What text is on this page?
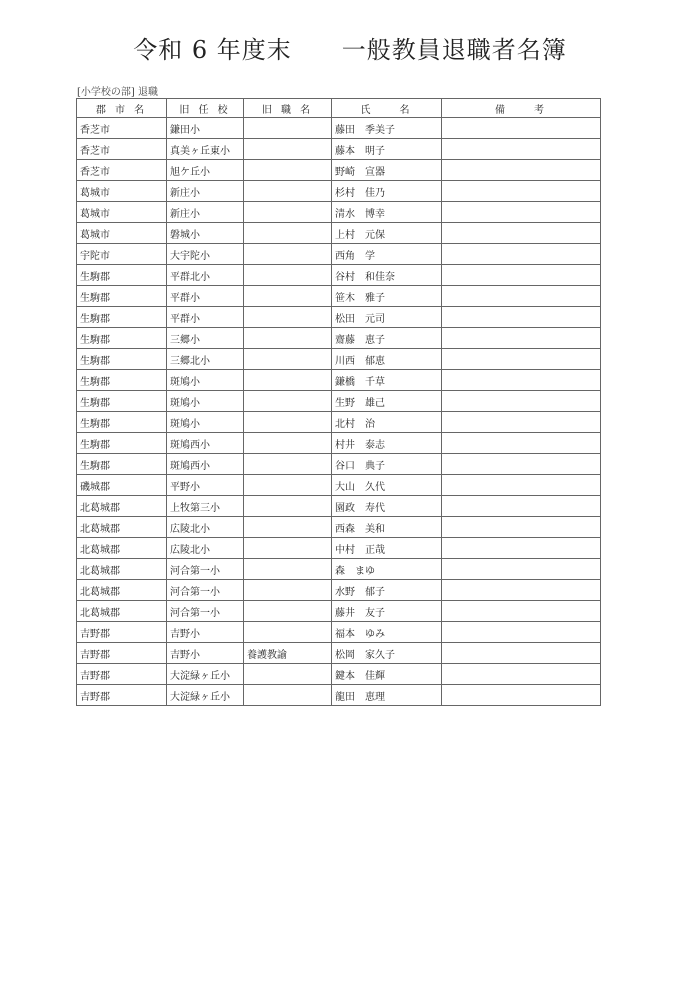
令和 6 年度末　　一般教員退職者名簿
[小学校の部] 退職
郡 市 名	旧 任 校	旧 職 名	氏　　名	備　　考
香芝市	鎌田小		藤田　季美子	
香芝市	真美ヶ丘東小		藤本　明子	
香芝市	旭ケ丘小		野崎　宣器	
葛城市	新庄小		杉村　佳乃	
葛城市	新庄小		清水　博幸	
葛城市	磐城小		上村　元保	
宇陀市	大宇陀小		西角　学	
生駒郡	平群北小		谷村　和佳奈	
生駒郡	平群小		笹木　雅子	
生駒郡	平群小		松田　元司	
生駒郡	三郷小		齋藤　恵子	
生駒郡	三郷北小		川西　郁恵	
生駒郡	斑鳩小		鎌橋　千草	
生駒郡	斑鳩小		生野　雄己	
生駒郡	斑鳩小		北村　治	
生駒郡	斑鳩西小		村井　泰志	
生駒郡	斑鳩西小		谷口　典子	
磯城郡	平野小		大山　久代	
北葛城郡	上牧第三小		園政　寿代	
北葛城郡	広陵北小		西森　美和	
北葛城郡	広陵北小		中村　正哉	
北葛城郡	河合第一小		森　まゆ	
北葛城郡	河合第一小		水野　郁子	
北葛城郡	河合第一小		藤井　友子	
吉野郡	吉野小		福本　ゆみ	
吉野郡	吉野小	養護教諭	松岡　家久子	
吉野郡	大淀緑ヶ丘小		鍵本　佳輝	
吉野郡	大淀緑ヶ丘小		龍田　恵理	
